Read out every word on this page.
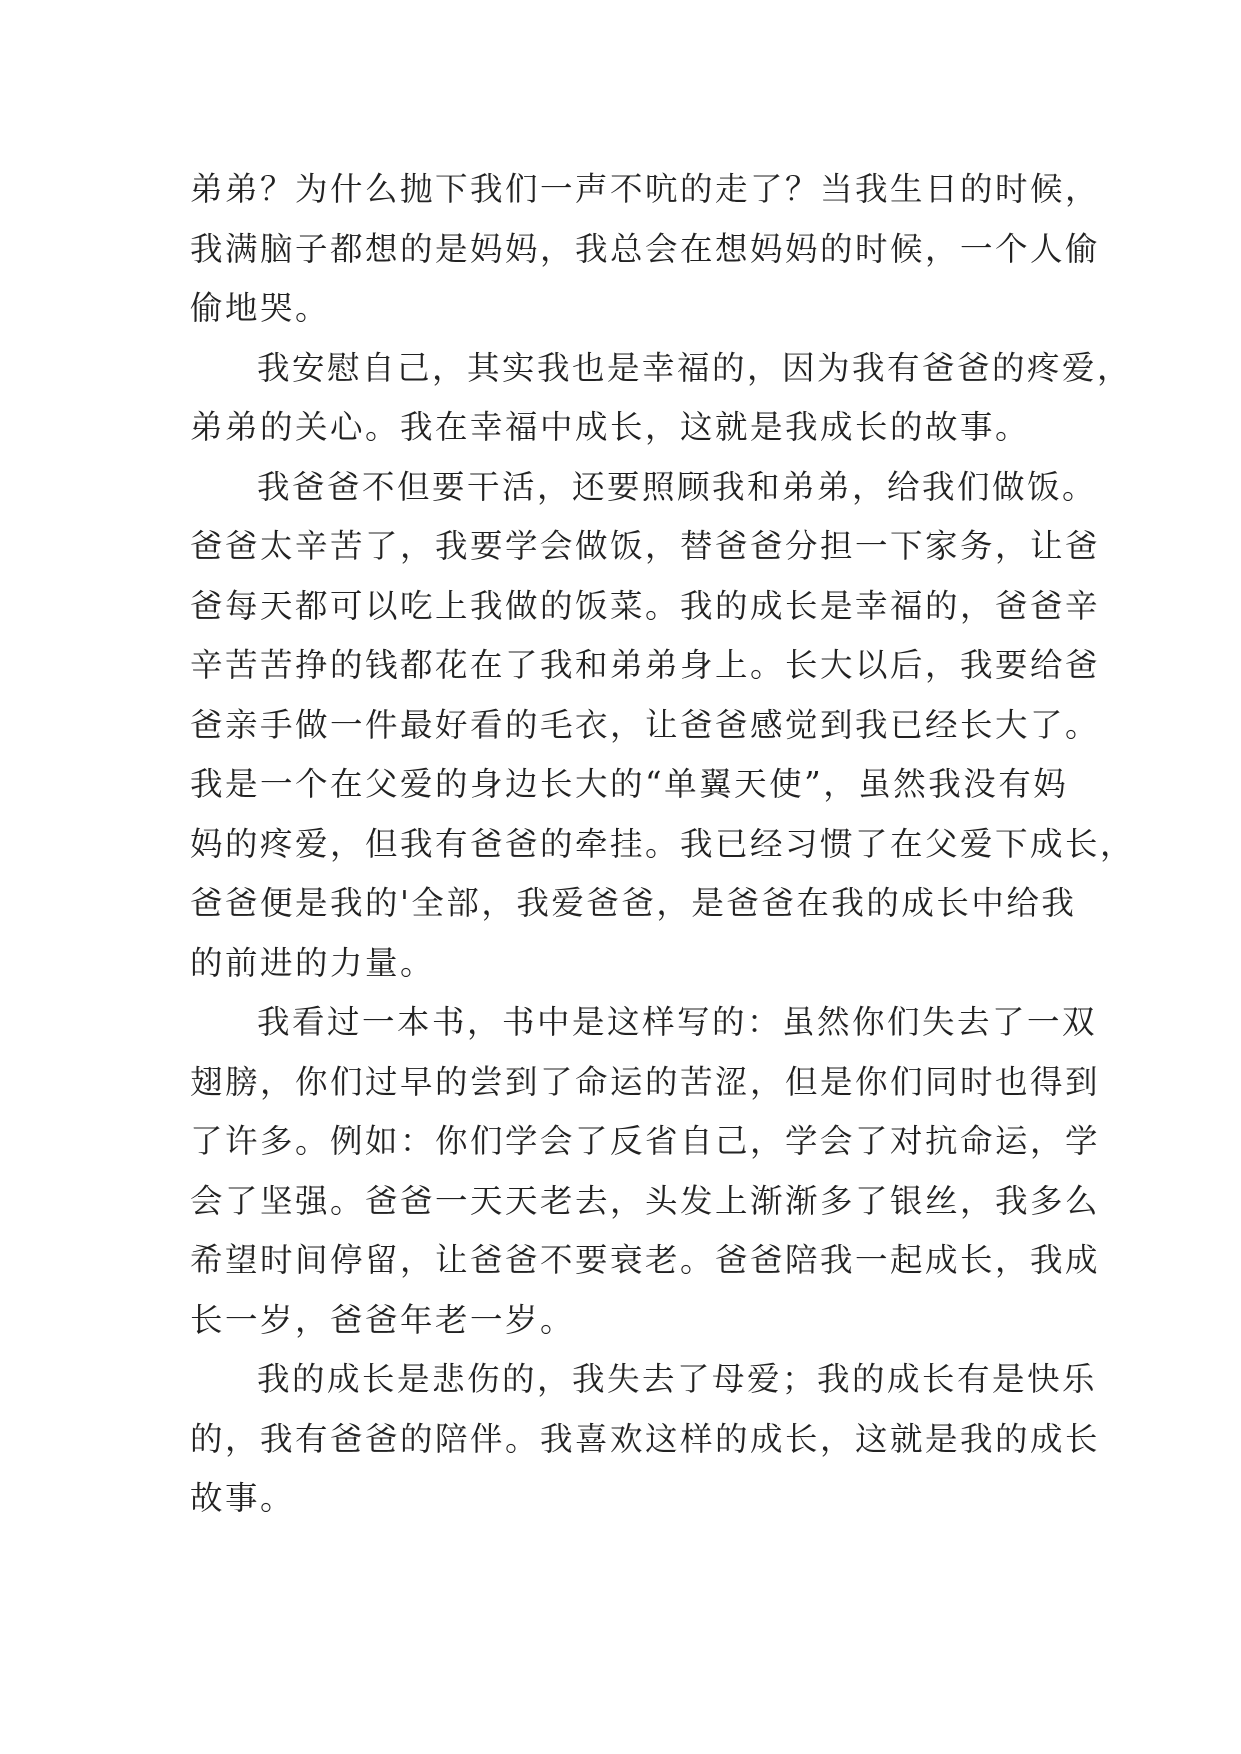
弟弟？为什么抛下我们一声不吭的走了？当我生日的时候，
我满脑子都想的是妈妈，我总会在想妈妈的时候，一个人偷
偷地哭。
我安慰自己，其实我也是幸福的，因为我有爸爸的疼爱，
弟弟的关心。我在幸福中成长，这就是我成长的故事。
我爸爸不但要干活，还要照顾我和弟弟，给我们做饭。
爸爸太辛苦了，我要学会做饭，替爸爸分担一下家务，让爸
爸每天都可以吃上我做的饭菜。我的成长是幸福的，爸爸辛
辛苦苦挣的钱都花在了我和弟弟身上。长大以后，我要给爸
爸亲手做一件最好看的毛衣，让爸爸感觉到我已经长大了。
我是一个在父爱的身边长大的“单翼天使”，虽然我没有妈
妈的疼爱，但我有爸爸的牵挂。我已经习惯了在父爱下成长，
爸爸便是我的'全部，我爱爸爸，是爸爸在我的成长中给我
的前进的力量。
我看过一本书，书中是这样写的：虽然你们失去了一双
翅膀，你们过早的尝到了命运的苦涩，但是你们同时也得到
了许多。例如：你们学会了反省自己，学会了对抗命运，学
会了坚强。爸爸一天天老去，头发上渐渐多了银丝，我多么
希望时间停留，让爸爸不要衰老。爸爸陪我一起成长，我成
长一岁，爸爸年老一岁。
我的成长是悲伤的，我失去了母爱；我的成长有是快乐
的，我有爸爸的陪伴。我喜欢这样的成长，这就是我的成长
故事。
